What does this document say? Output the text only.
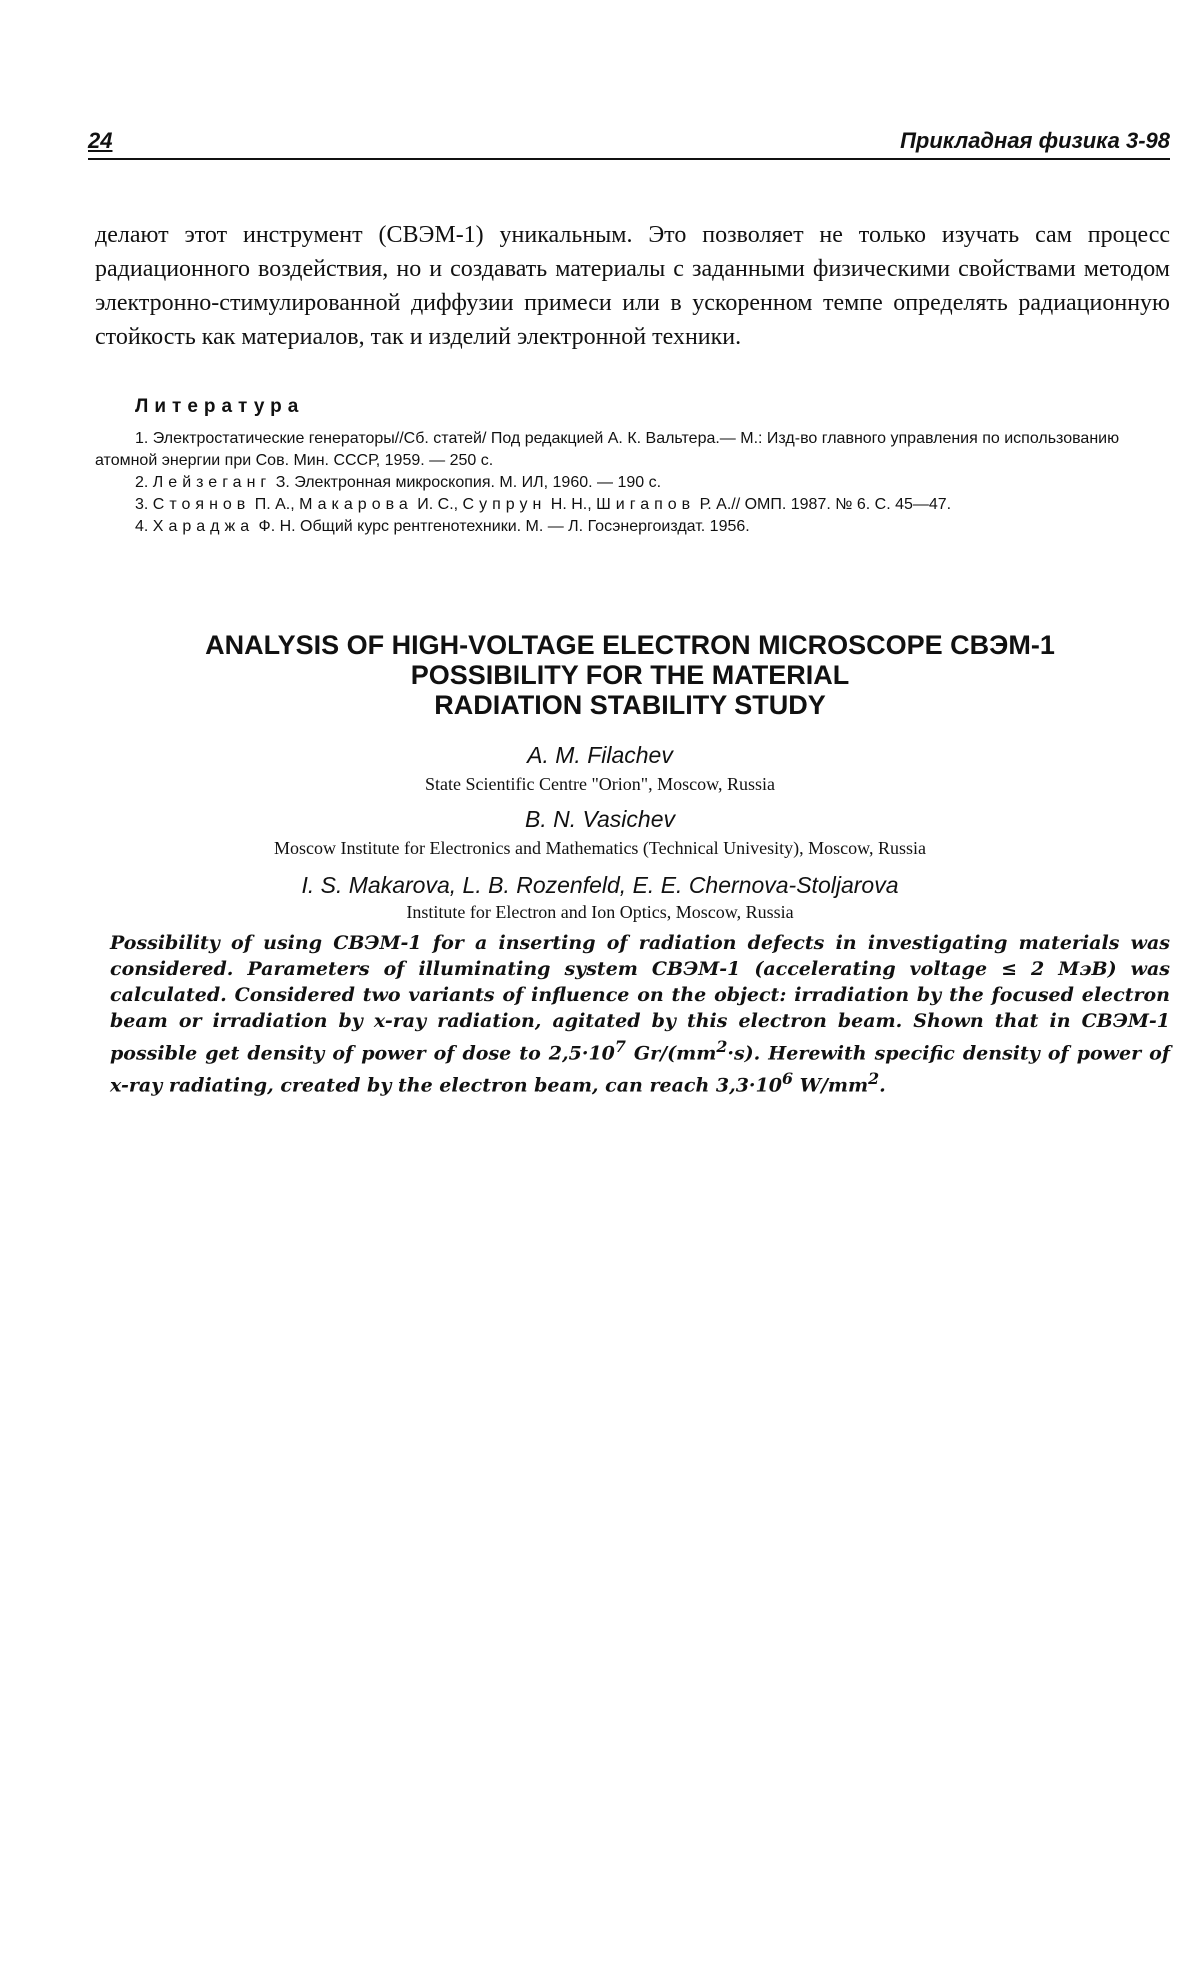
24	Прикладная физика 3-98

делают этот инструмент (СВЭМ-1) уникальным. Это позволяет не только изучать сам процесс радиационного воздействия, но и создавать материалы с заданными физическими свойствами методом электронно-стимулированной диффузии примеси или в ускоренном темпе определять радиационную стойкость как материалов, так и изделий электронной техники.

Литература

1. Электростатические генераторы//Сб. статей/ Под редакцией А. К. Вальтера.— М.: Изд-во главного управления по использованию атомной энергии при Сов. Мин. СССР, 1959. — 250 с.

2. Лейзеганг З. Электронная микроскопия. М. ИЛ, 1960. — 190 с.

3. Стоянов П. А., Макарова И. С., Супрун Н. Н., Шигапов Р. А.// ОМП. 1987. № 6. С. 45—47.

4. Хараджа Ф. Н. Общий курс рентгенотехники. М. — Л. Госэнергоиздат. 1956.

ANALYSIS OF HIGH-VOLTAGE ELECTRON MICROSCOPE СВЭМ-1
POSSIBILITY FOR THE MATERIAL
RADIATION STABILITY STUDY
A. M. Filachev
State Scientific Centre "Orion", Moscow, Russia
B. N. Vasichev
Moscow Institute for Electronics and Mathematics (Technical Univesity), Moscow, Russia
I. S. Makarova, L. B. Rozenfeld, E. E. Chernova-Stoljarova
Institute for Electron and Ion Optics, Moscow, Russia
Possibility of using СВЭМ-1 for a inserting of radiation defects in investigating materials was considered. Parameters of illuminating system СВЭМ-1 (accelerating voltage ≤ 2 МэВ) was calculated. Considered two variants of influence on the object: irradiation by the focused electron beam or irradiation by x-ray radiation, agitated by this electron beam. Shown that in СВЭМ-1 possible get density of power of dose to $2,5\cdot 10^7$ $Gr/(mm^2\cdot s)$. Herewith specific density of power of x-ray radiating, created by the electron beam, can reach $3,3\cdot 10^6$ $W/mm^2$.
